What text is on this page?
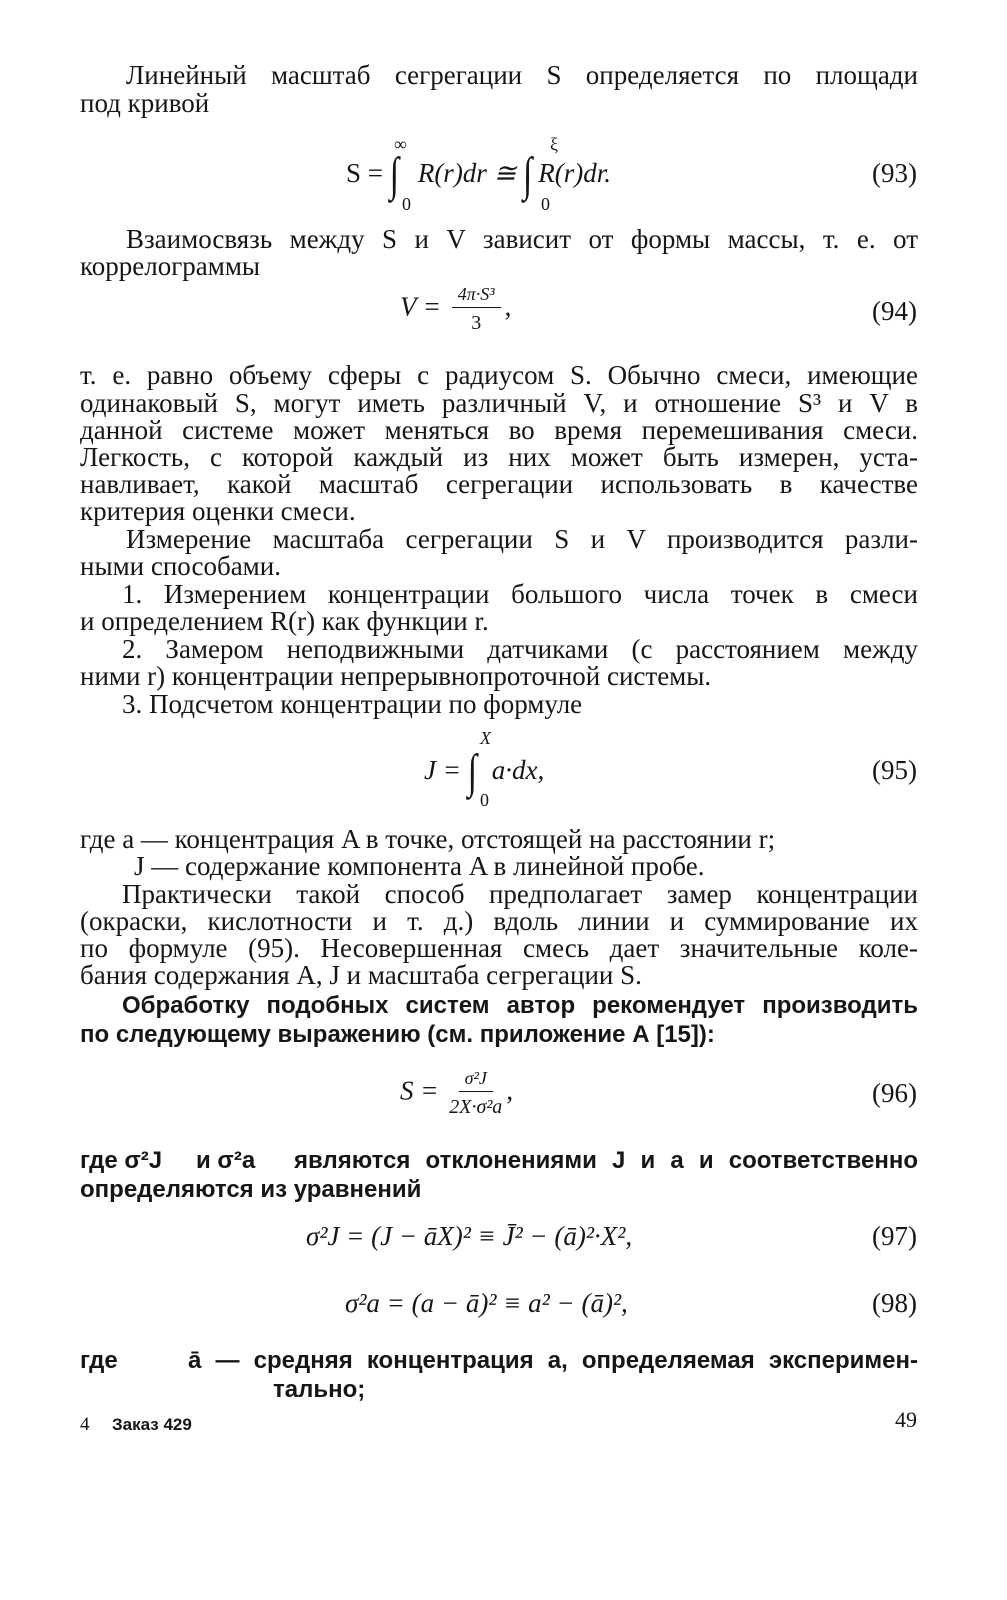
Линейный масштаб сегрегации S определяется по площади
под кривой
S = ∫ R(r)dr ≅ ∫ R(r)dr.
∞
0
ξ
0
(93)
Взаимосвязь между S и V зависит от формы массы, т. е. от
коррелограммы
$V = \frac{\text{4π·S³}}{3}$ ,	(94)
т. е. равно объему сферы с радиусом S. Обычно смеси, имеющие
одинаковый S, могут иметь различный V, и отношение S³ и V в
данной системе может меняться во время перемешивания смеси.
Легкость, с которой каждый из них может быть измерен, уста-
навливает, какой масштаб сегрегации использовать в качестве
критерия оценки смеси.
Измерение масштаба сегрегации S и V производится разли-
ными способами.
1. Измерением концентрации большого числа точек в смеси
и определением R(r) как функции r.
2. Замером неподвижными датчиками (с расстоянием между
ними r) концентрации непрерывнопроточной системы.
3. Подсчетом концентрации по формуле
J = ∫ a·dx,
X
0
(95)
где a — концентрация A в точке, отстоящей на расстоянии r;
J — содержание компонента A в линейной пробе.
Практически такой способ предполагает замер концентрации
(окраски, кислотности и т. д.) вдоль линии и суммирование их
по формуле (95). Несовершенная смесь дает значительные коле-
бания содержания A, J и масштаба сегрегации S.
Обработку подобных систем автор рекомендует производить
по следующему выражению (см. приложение А [15]):
$S = \frac{\text{σ²J}}{\text{2X·σ²a}}$ ,	(96)
где σ²J	и σ²a	являются отклонениями J и a и соответственно
определяются из уравнений
σ²J = (J − āX)² ≡ J̄² − (ā)²·X²,	(97)
σ²a = (a − ā)² ≡ a² − (ā)²,	(98)
где	ā — средняя концентрация a, определяемая эксперимен-
тально;
4 Заказ 429	49
